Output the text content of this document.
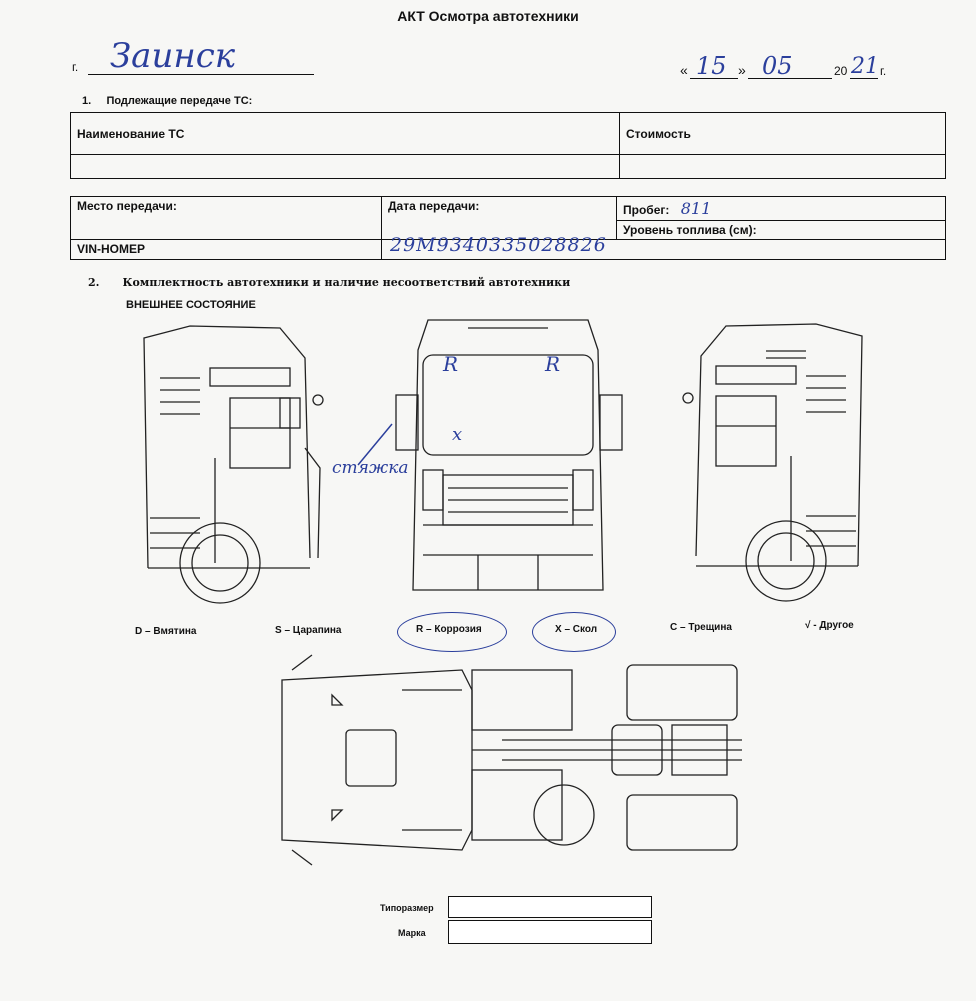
АКТ Осмотра автотехники
г. Заинск	« 15 » 05	20 21 г.
1.     Подлежащие передаче ТС:
Наименование ТС	Стоимость

Место передачи:	Дата передачи:	Пробег: 811
		Уровень топлива (см):
VIN-НОМЕР	29M9340335028826	
2.      Комплектность автотехники и наличие несоответствий автотехники
ВНЕШНЕЕ СОСТОЯНИЕ
R	R
x
стяжка
D – Вмятина	S – Царапина	R – Коррозия	X – Скол	C – Трещина	√ - Другое
Типоразмер
Марка
